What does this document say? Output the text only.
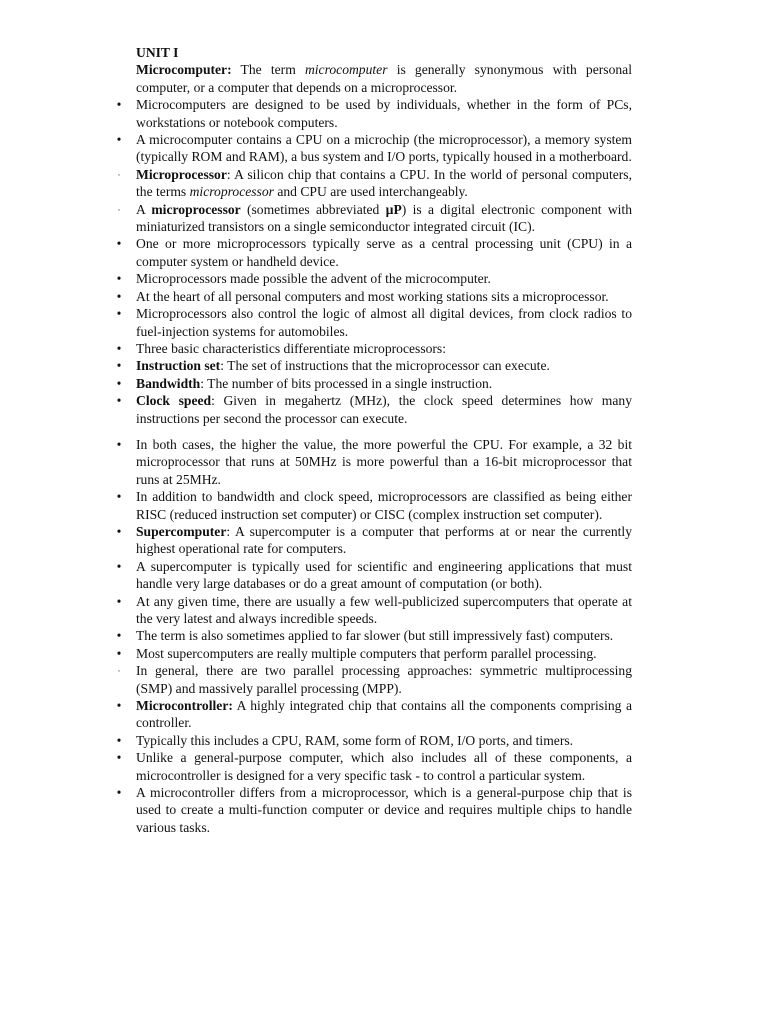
UNIT I
Microcomputer: The term microcomputer is generally synonymous with personal computer, or a computer that depends on a microprocessor.
• Microcomputers are designed to be used by individuals, whether in the form of PCs, workstations or notebook computers.
• A microcomputer contains a CPU on a microchip (the microprocessor), a memory system (typically ROM and RAM), a bus system and I/O ports, typically housed in a motherboard.
· Microprocessor: A silicon chip that contains a CPU. In the world of personal computers, the terms microprocessor and CPU are used interchangeably.
· A microprocessor (sometimes abbreviated µP) is a digital electronic component with miniaturized transistors on a single semiconductor integrated circuit (IC).
• One or more microprocessors typically serve as a central processing unit (CPU) in a computer system or handheld device.
• Microprocessors made possible the advent of the microcomputer.
• At the heart of all personal computers and most working stations sits a microprocessor.
• Microprocessors also control the logic of almost all digital devices, from clock radios to fuel-injection systems for automobiles.
• Three basic characteristics differentiate microprocessors:
• Instruction set: The set of instructions that the microprocessor can execute.
• Bandwidth: The number of bits processed in a single instruction.
• Clock speed: Given in megahertz (MHz), the clock speed determines how many instructions per second the processor can execute.
• In both cases, the higher the value, the more powerful the CPU. For example, a 32 bit microprocessor that runs at 50MHz is more powerful than a 16-bit microprocessor that runs at 25MHz.
• In addition to bandwidth and clock speed, microprocessors are classified as being either RISC (reduced instruction set computer) or CISC (complex instruction set computer).
• Supercomputer: A supercomputer is a computer that performs at or near the currently highest operational rate for computers.
• A supercomputer is typically used for scientific and engineering applications that must handle very large databases or do a great amount of computation (or both).
• At any given time, there are usually a few well-publicized supercomputers that operate at the very latest and always incredible speeds.
• The term is also sometimes applied to far slower (but still impressively fast) computers.
• Most supercomputers are really multiple computers that perform parallel processing.
· In general, there are two parallel processing approaches: symmetric multiprocessing (SMP) and massively parallel processing (MPP).
• Microcontroller: A highly integrated chip that contains all the components comprising a controller.
• Typically this includes a CPU, RAM, some form of ROM, I/O ports, and timers.
• Unlike a general-purpose computer, which also includes all of these components, a microcontroller is designed for a very specific task - to control a particular system.
• A microcontroller differs from a microprocessor, which is a general-purpose chip that is used to create a multi-function computer or device and requires multiple chips to handle various tasks.
